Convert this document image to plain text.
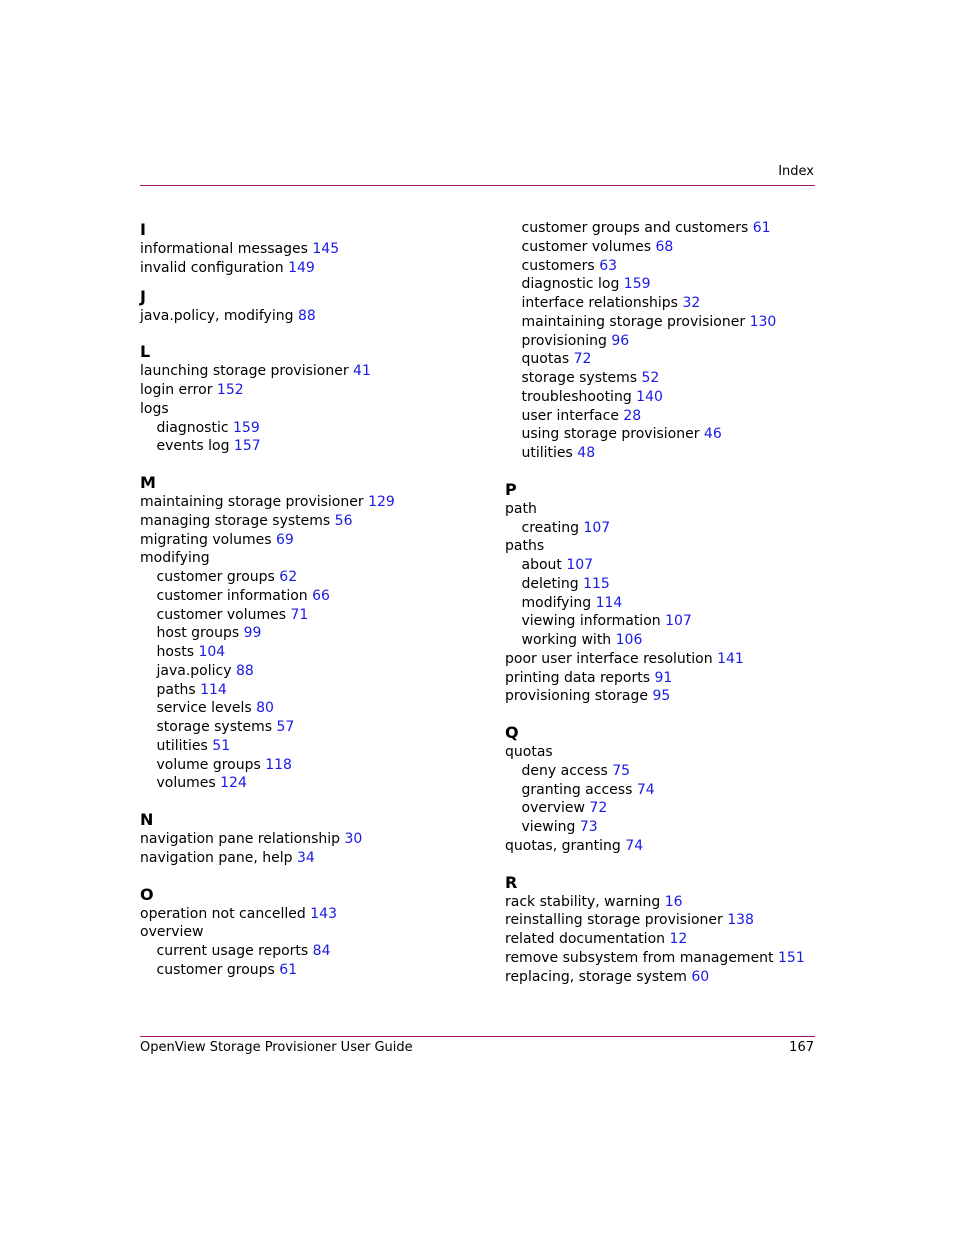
Index
I
informational messages 145
invalid configuration 149
J
java.policy, modifying 88
L
launching storage provisioner 41
login error 152
logs
diagnostic 159
events log 157
M
maintaining storage provisioner 129
managing storage systems 56
migrating volumes 69
modifying
customer groups 62
customer information 66
customer volumes 71
host groups 99
hosts 104
java.policy 88
paths 114
service levels 80
storage systems 57
utilities 51
volume groups 118
volumes 124
N
navigation pane relationship 30
navigation pane, help 34
O
operation not cancelled 143
overview
current usage reports 84
customer groups 61
customer groups and customers 61
customer volumes 68
customers 63
diagnostic log 159
interface relationships 32
maintaining storage provisioner 130
provisioning 96
quotas 72
storage systems 52
troubleshooting 140
user interface 28
using storage provisioner 46
utilities 48
P
path
creating 107
paths
about 107
deleting 115
modifying 114
viewing information 107
working with 106
poor user interface resolution 141
printing data reports 91
provisioning storage 95
Q
quotas
deny access 75
granting access 74
overview 72
viewing 73
quotas, granting 74
R
rack stability, warning 16
reinstalling storage provisioner 138
related documentation 12
remove subsystem from management 151
replacing, storage system 60
OpenView Storage Provisioner User Guide	167
